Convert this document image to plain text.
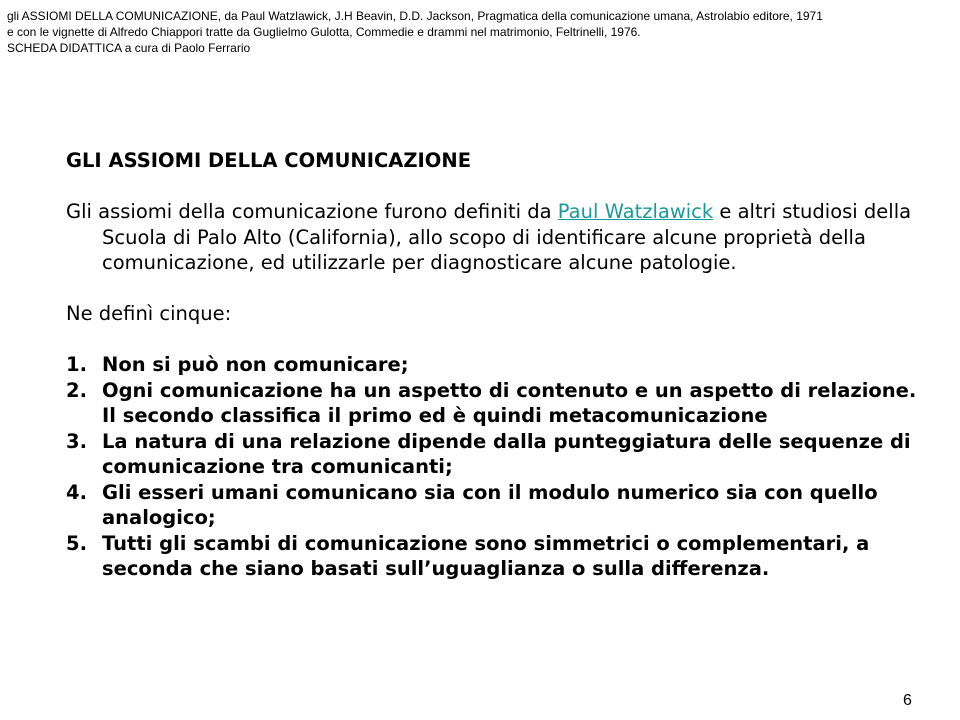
gli ASSIOMI DELLA COMUNICAZIONE, da Paul Watzlawick, J.H Beavin, D.D. Jackson, Pragmatica della comunicazione umana, Astrolabio editore, 1971
e con le vignette di Alfredo Chiappori tratte da Guglielmo Gulotta, Commedie e drammi nel matrimonio, Feltrinelli, 1976.
SCHEDA DIDATTICA a cura di Paolo Ferrario

GLI ASSIOMI DELLA COMUNICAZIONE

Gli assiomi della comunicazione furono definiti da Paul Watzlawick e altri studiosi della Scuola di Palo Alto (California), allo scopo di identificare alcune proprietà della comunicazione, ed utilizzarle per diagnosticare alcune patologie.

Ne definì cinque:

1. Non si può non comunicare;
2. Ogni comunicazione ha un aspetto di contenuto e un aspetto di relazione. Il secondo classifica il primo ed è quindi metacomunicazione
3. La natura di una relazione dipende dalla punteggiatura delle sequenze di comunicazione tra comunicanti;
4. Gli esseri umani comunicano sia con il modulo numerico sia con quello analogico;
5. Tutti gli scambi di comunicazione sono simmetrici o complementari, a seconda che siano basati sull’uguaglianza o sulla differenza.
6
